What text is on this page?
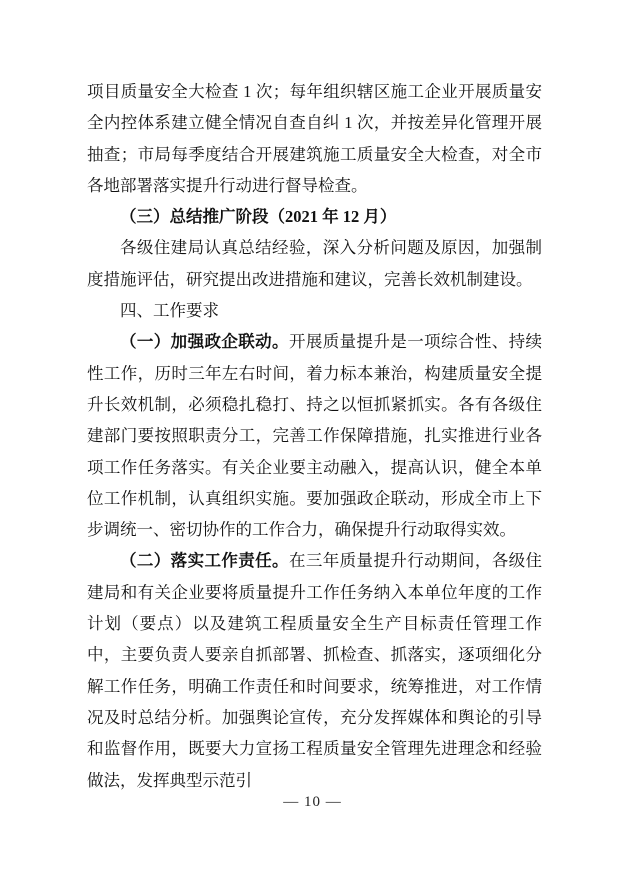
项目质量安全大检查 1 次；每年组织辖区施工企业开展质量安全内控体系建立健全情况自查自纠 1 次，并按差异化管理开展抽查；市局每季度结合开展建筑施工质量安全大检查，对全市各地部署落实提升行动进行督导检查。

（三）总结推广阶段（2021 年 12 月）

各级住建局认真总结经验，深入分析问题及原因，加强制度措施评估，研究提出改进措施和建议，完善长效机制建设。

四、工作要求

（一）加强政企联动。开展质量提升是一项综合性、持续性工作，历时三年左右时间，着力标本兼治，构建质量安全提升长效机制，必须稳扎稳打、持之以恒抓紧抓实。各有各级住建部门要按照职责分工，完善工作保障措施，扎实推进行业各项工作任务落实。有关企业要主动融入，提高认识，健全本单位工作机制，认真组织实施。要加强政企联动，形成全市上下步调统一、密切协作的工作合力，确保提升行动取得实效。

（二）落实工作责任。在三年质量提升行动期间，各级住建局和有关企业要将质量提升工作任务纳入本单位年度的工作计划（要点）以及建筑工程质量安全生产目标责任管理工作中，主要负责人要亲自抓部署、抓检查、抓落实，逐项细化分解工作任务，明确工作责任和时间要求，统筹推进，对工作情况及时总结分析。加强舆论宣传，充分发挥媒体和舆论的引导和监督作用，既要大力宣扬工程质量安全管理先进理念和经验做法，发挥典型示范引

— 10 —
